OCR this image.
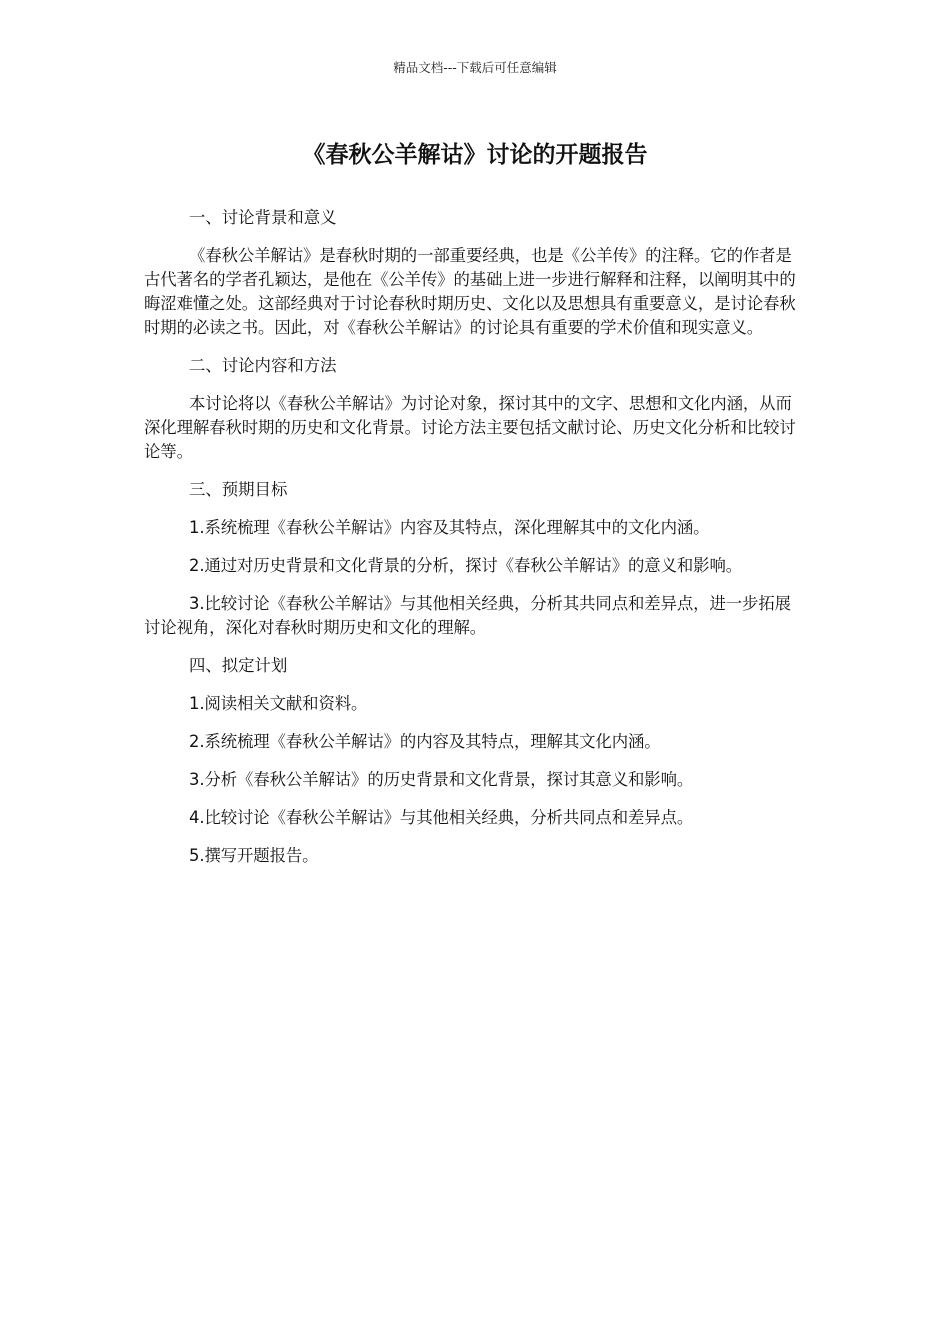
精品文档---下载后可任意编辑
《春秋公羊解诂》讨论的开题报告

一、讨论背景和意义

《春秋公羊解诂》是春秋时期的一部重要经典，也是《公羊传》的注释。它的作者是古代著名的学者孔颖达，是他在《公羊传》的基础上进一步进行解释和注释，以阐明其中的晦涩难懂之处。这部经典对于讨论春秋时期历史、文化以及思想具有重要意义，是讨论春秋时期的必读之书。因此，对《春秋公羊解诂》的讨论具有重要的学术价值和现实意义。

二、讨论内容和方法

本讨论将以《春秋公羊解诂》为讨论对象，探讨其中的文字、思想和文化内涵，从而深化理解春秋时期的历史和文化背景。讨论方法主要包括文献讨论、历史文化分析和比较讨论等。

三、预期目标

1.系统梳理《春秋公羊解诂》内容及其特点，深化理解其中的文化内涵。

2.通过对历史背景和文化背景的分析，探讨《春秋公羊解诂》的意义和影响。

3.比较讨论《春秋公羊解诂》与其他相关经典，分析其共同点和差异点，进一步拓展讨论视角，深化对春秋时期历史和文化的理解。

四、拟定计划

1.阅读相关文献和资料。

2.系统梳理《春秋公羊解诂》的内容及其特点，理解其文化内涵。

3.分析《春秋公羊解诂》的历史背景和文化背景，探讨其意义和影响。

4.比较讨论《春秋公羊解诂》与其他相关经典，分析共同点和差异点。

5.撰写开题报告。
